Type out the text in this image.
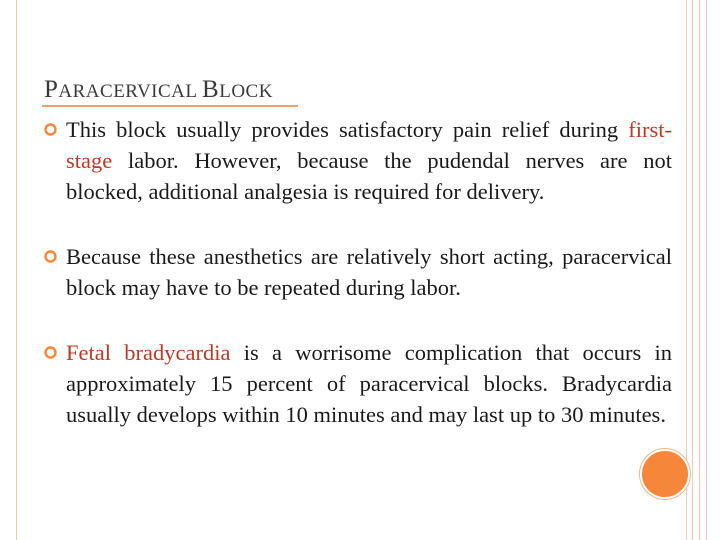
PARACERVICAL BLOCK
This block usually provides satisfactory pain relief during first-stage labor. However, because the pudendal nerves are not blocked, additional analgesia is required for delivery.
Because these anesthetics are relatively short acting, paracervical block may have to be repeated during labor.
Fetal bradycardia is a worrisome complication that occurs in approximately 15 percent of paracervical blocks. Bradycardia usually develops within 10 minutes and may last up to 30 minutes.
